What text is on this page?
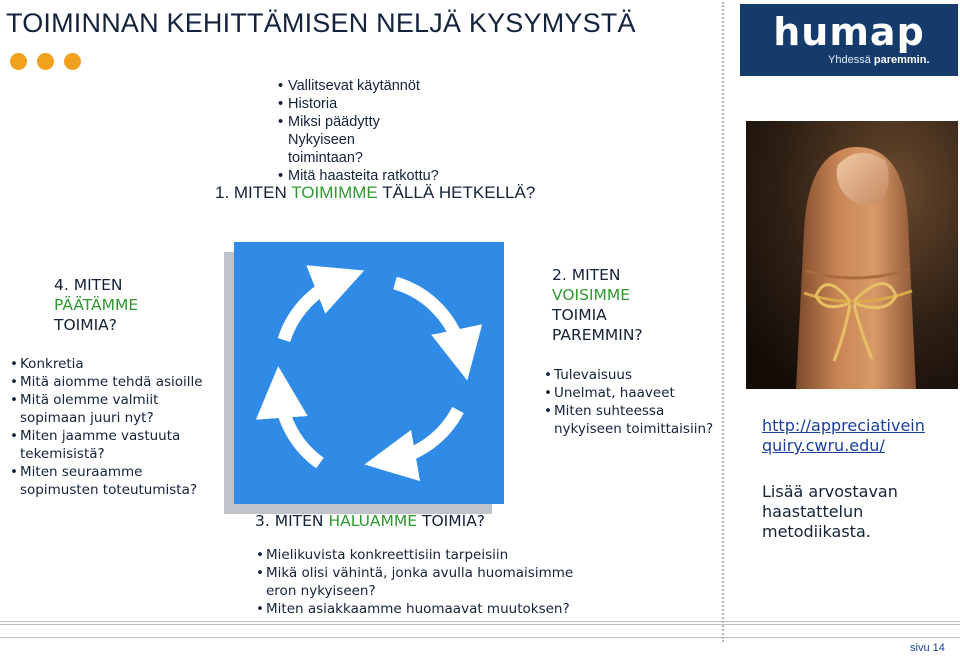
TOIMINNAN KEHITTÄMISEN NELJÄ KYSYMYSTÄ
• Vallitsevat käytännöt
• Historia
• Miksi päädytty  Nykyiseen toimintaan?
• Mitä haasteita ratkottu?
1. MITEN TOIMIMME TÄLLÄ HETKELLÄ?
4. MITEN
PÄÄTÄMME
TOIMIA?
• Konkretia
• Mitä aiomme tehdä asioille
• Mitä olemme valmiit sopimaan juuri nyt?
• Miten jaamme vastuuta tekemisistä?
• Miten seuraamme sopimusten toteutumista?
2. MITEN
VOISIMME
TOIMIA
PAREMMIN?
• Tulevaisuus
• Unelmat, haaveet
• Miten suhteessa nykyiseen toimittaisiin?
3. MITEN HALUAMME TOIMIA?
• Mielikuvista konkreettisiin tarpeisiin
• Mikä olisi vähintä, jonka avulla huomaisimme eron nykyiseen?
• Miten asiakkaamme huomaavat muutoksen?
humap
Yhdessä paremmin.
http://appreciativeinquiry.cwru.edu/
Lisää arvostavan haastattelun metodiikasta.
sivu 14
